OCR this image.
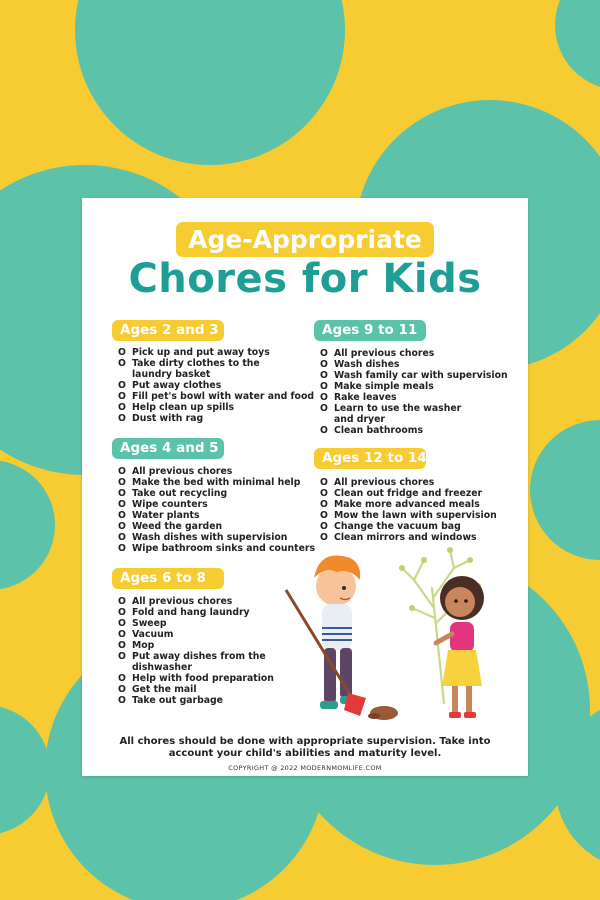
Age-Appropriate
Chores for Kids
Ages 2 and 3
O Pick up and put away toys
O Take dirty clothes to the
laundry basket
O Put away clothes
O Fill pet's bowl with water and food
O Help clean up spills
O Dust with rag
Ages 4 and 5
O All previous chores
O Make the bed with minimal help
O Take out recycling
O Wipe counters
O Water plants
O Weed the garden
O Wash dishes with supervision
O Wipe bathroom sinks and counters
Ages 6 to 8
O All previous chores
O Fold and hang laundry
O Sweep
O Vacuum
O Mop
O Put away dishes from the
dishwasher
O Help with food preparation
O Get the mail
O Take out garbage
Ages 9 to 11
O All previous chores
O Wash dishes
O Wash family car with supervision
O Make simple meals
O Rake leaves
O Learn to use the washer
and dryer
O Clean bathrooms
Ages 12 to 14
O All previous chores
O Clean out fridge and freezer
O Make more advanced meals
O Mow the lawn with supervision
O Change the vacuum bag
O Clean mirrors and windows
All chores should be done with appropriate supervision. Take into
account your child's abilities and maturity level.
COPYRIGHT @ 2022 MODERNMOMLIFE.COM
